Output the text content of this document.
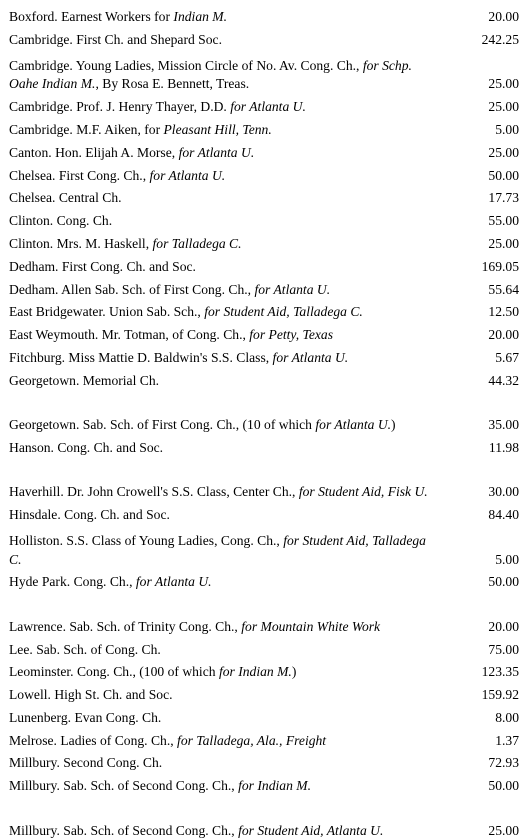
Boxford. Earnest Workers for Indian M.	20.00
Cambridge. First Ch. and Shepard Soc.	242.25
Cambridge. Young Ladies, Mission Circle of No. Av. Cong. Ch., for Schp. Oahe Indian M., By Rosa E. Bennett, Treas.	25.00
Cambridge. Prof. J. Henry Thayer, D.D. for Atlanta U.	25.00
Cambridge. M.F. Aiken, for Pleasant Hill, Tenn.	5.00
Canton. Hon. Elijah A. Morse, for Atlanta U.	25.00
Chelsea. First Cong. Ch., for Atlanta U.	50.00
Chelsea. Central Ch.	17.73
Clinton. Cong. Ch.	55.00
Clinton. Mrs. M. Haskell, for Talladega C.	25.00
Dedham. First Cong. Ch. and Soc.	169.05
Dedham. Allen Sab. Sch. of First Cong. Ch., for Atlanta U.	55.64
East Bridgewater. Union Sab. Sch., for Student Aid, Talladega C.	12.50
East Weymouth. Mr. Totman, of Cong. Ch., for Petty, Texas	20.00
Fitchburg. Miss Mattie D. Baldwin's S.S. Class, for Atlanta U.	5.67
Georgetown. Memorial Ch.	44.32
Georgetown. Sab. Sch. of First Cong. Ch., (10 of which for Atlanta U.)	35.00
Hanson. Cong. Ch. and Soc.	11.98
Haverhill. Dr. John Crowell's S.S. Class, Center Ch., for Student Aid, Fisk U.	30.00
Hinsdale. Cong. Ch. and Soc.	84.40
Holliston. S.S. Class of Young Ladies, Cong. Ch., for Student Aid, Talladega C.	5.00
Hyde Park. Cong. Ch., for Atlanta U.	50.00
Lawrence. Sab. Sch. of Trinity Cong. Ch., for Mountain White Work	20.00
Lee. Sab. Sch. of Cong. Ch.	75.00
Leominster. Cong. Ch., (100 of which for Indian M.)	123.35
Lowell. High St. Ch. and Soc.	159.92
Lunenberg. Evan Cong. Ch.	8.00
Melrose. Ladies of Cong. Ch., for Talladega, Ala., Freight	1.37
Millbury. Second Cong. Ch.	72.93
Millbury. Sab. Sch. of Second Cong. Ch., for Indian M.	50.00
Millbury. Sab. Sch. of Second Cong. Ch., for Student Aid, Atlanta U.	25.00
